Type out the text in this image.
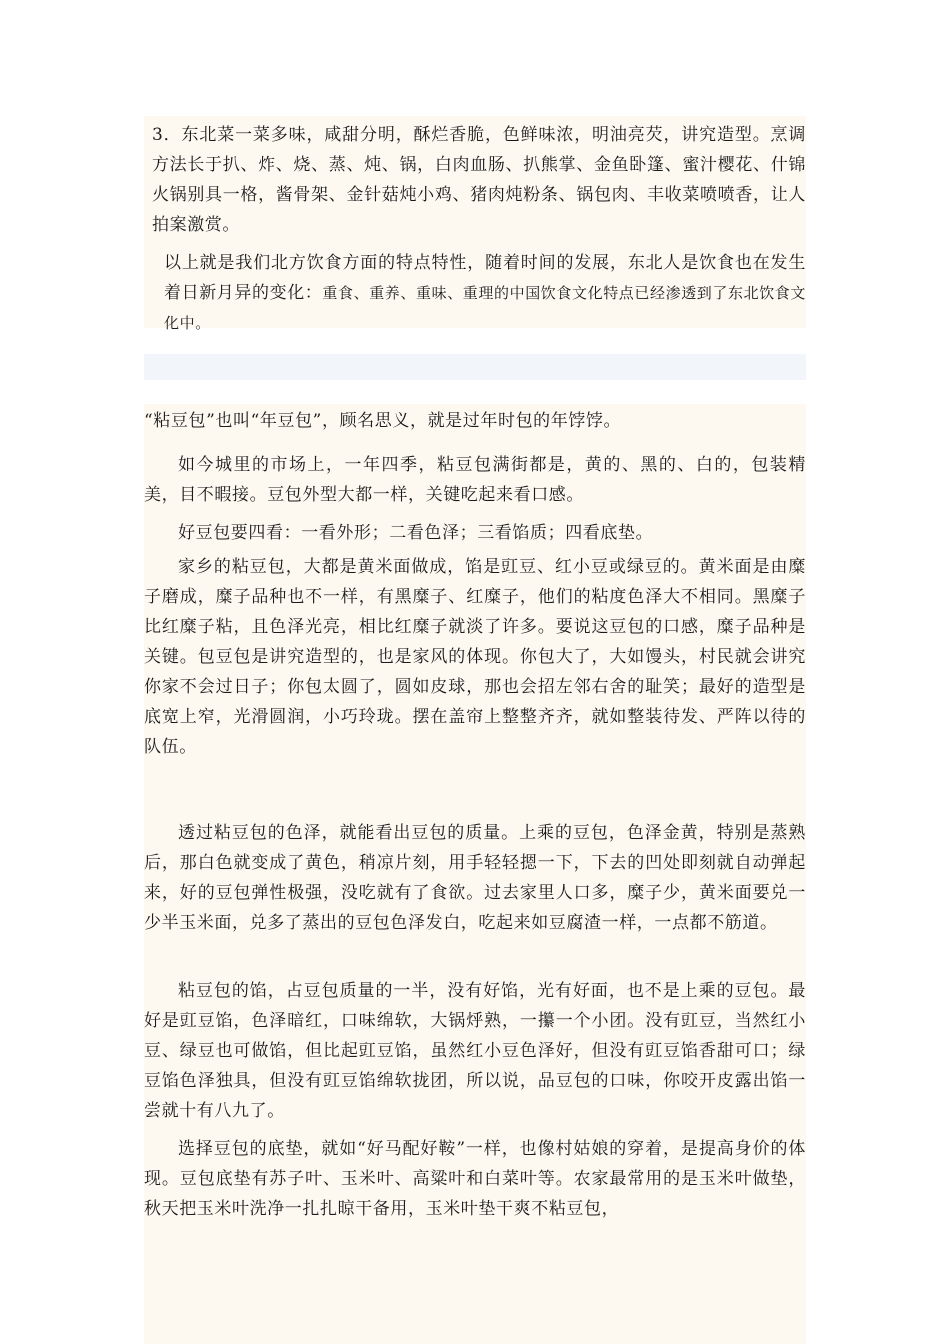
3．东北菜一菜多味，咸甜分明，酥烂香脆，色鲜味浓，明油亮芡，讲究造型。烹调方法长于扒、炸、烧、蒸、炖、锅，白肉血肠、扒熊掌、金鱼卧篷、蜜汁樱花、什锦火锅别具一格，酱骨架、金针菇炖小鸡、猪肉炖粉条、锅包肉、丰收菜喷喷香，让人拍案激赏。

以上就是我们北方饮食方面的特点特性，随着时间的发展，东北人是饮食也在发生着日新月异的变化：重食、重养、重味、重理的中国饮食文化特点已经渗透到了东北饮食文化中。

“粘豆包”也叫“年豆包”，顾名思义，就是过年时包的年饽饽。

如今城里的市场上，一年四季，粘豆包满街都是，黄的、黑的、白的，包装精美，目不暇接。豆包外型大都一样，关键吃起来看口感。

好豆包要四看：一看外形；二看色泽；三看馅质；四看底垫。

家乡的粘豆包，大都是黄米面做成，馅是豇豆、红小豆或绿豆的。黄米面是由糜子磨成，糜子品种也不一样，有黑糜子、红糜子，他们的粘度色泽大不相同。黑糜子比红糜子粘，且色泽光亮，相比红糜子就淡了许多。要说这豆包的口感，糜子品种是关键。包豆包是讲究造型的，也是家风的体现。你包大了，大如馒头，村民就会讲究你家不会过日子；你包太圆了，圆如皮球，那也会招左邻右舍的耻笑；最好的造型是底宽上窄，光滑圆润，小巧玲珑。摆在盖帘上整整齐齐，就如整装待发、严阵以待的队伍。

透过粘豆包的色泽，就能看出豆包的质量。上乘的豆包，色泽金黄，特别是蒸熟后，那白色就变成了黄色，稍凉片刻，用手轻轻摁一下，下去的凹处即刻就自动弹起来，好的豆包弹性极强，没吃就有了食欲。过去家里人口多，糜子少，黄米面要兑一少半玉米面，兑多了蒸出的豆包色泽发白，吃起来如豆腐渣一样，一点都不筋道。

粘豆包的馅，占豆包质量的一半，没有好馅，光有好面，也不是上乘的豆包。最好是豇豆馅，色泽暗红，口味绵软，大锅烀熟，一攥一个小团。没有豇豆，当然红小豆、绿豆也可做馅，但比起豇豆馅，虽然红小豆色泽好，但没有豇豆馅香甜可口；绿豆馅色泽独具，但没有豇豆馅绵软拢团，所以说，品豆包的口味，你咬开皮露出馅一尝就十有八九了。

选择豆包的底垫，就如“好马配好鞍”一样，也像村姑娘的穿着，是提高身价的体现。豆包底垫有苏子叶、玉米叶、高粱叶和白菜叶等。农家最常用的是玉米叶做垫，秋天把玉米叶洗净一扎扎晾干备用，玉米叶垫干爽不粘豆包，
